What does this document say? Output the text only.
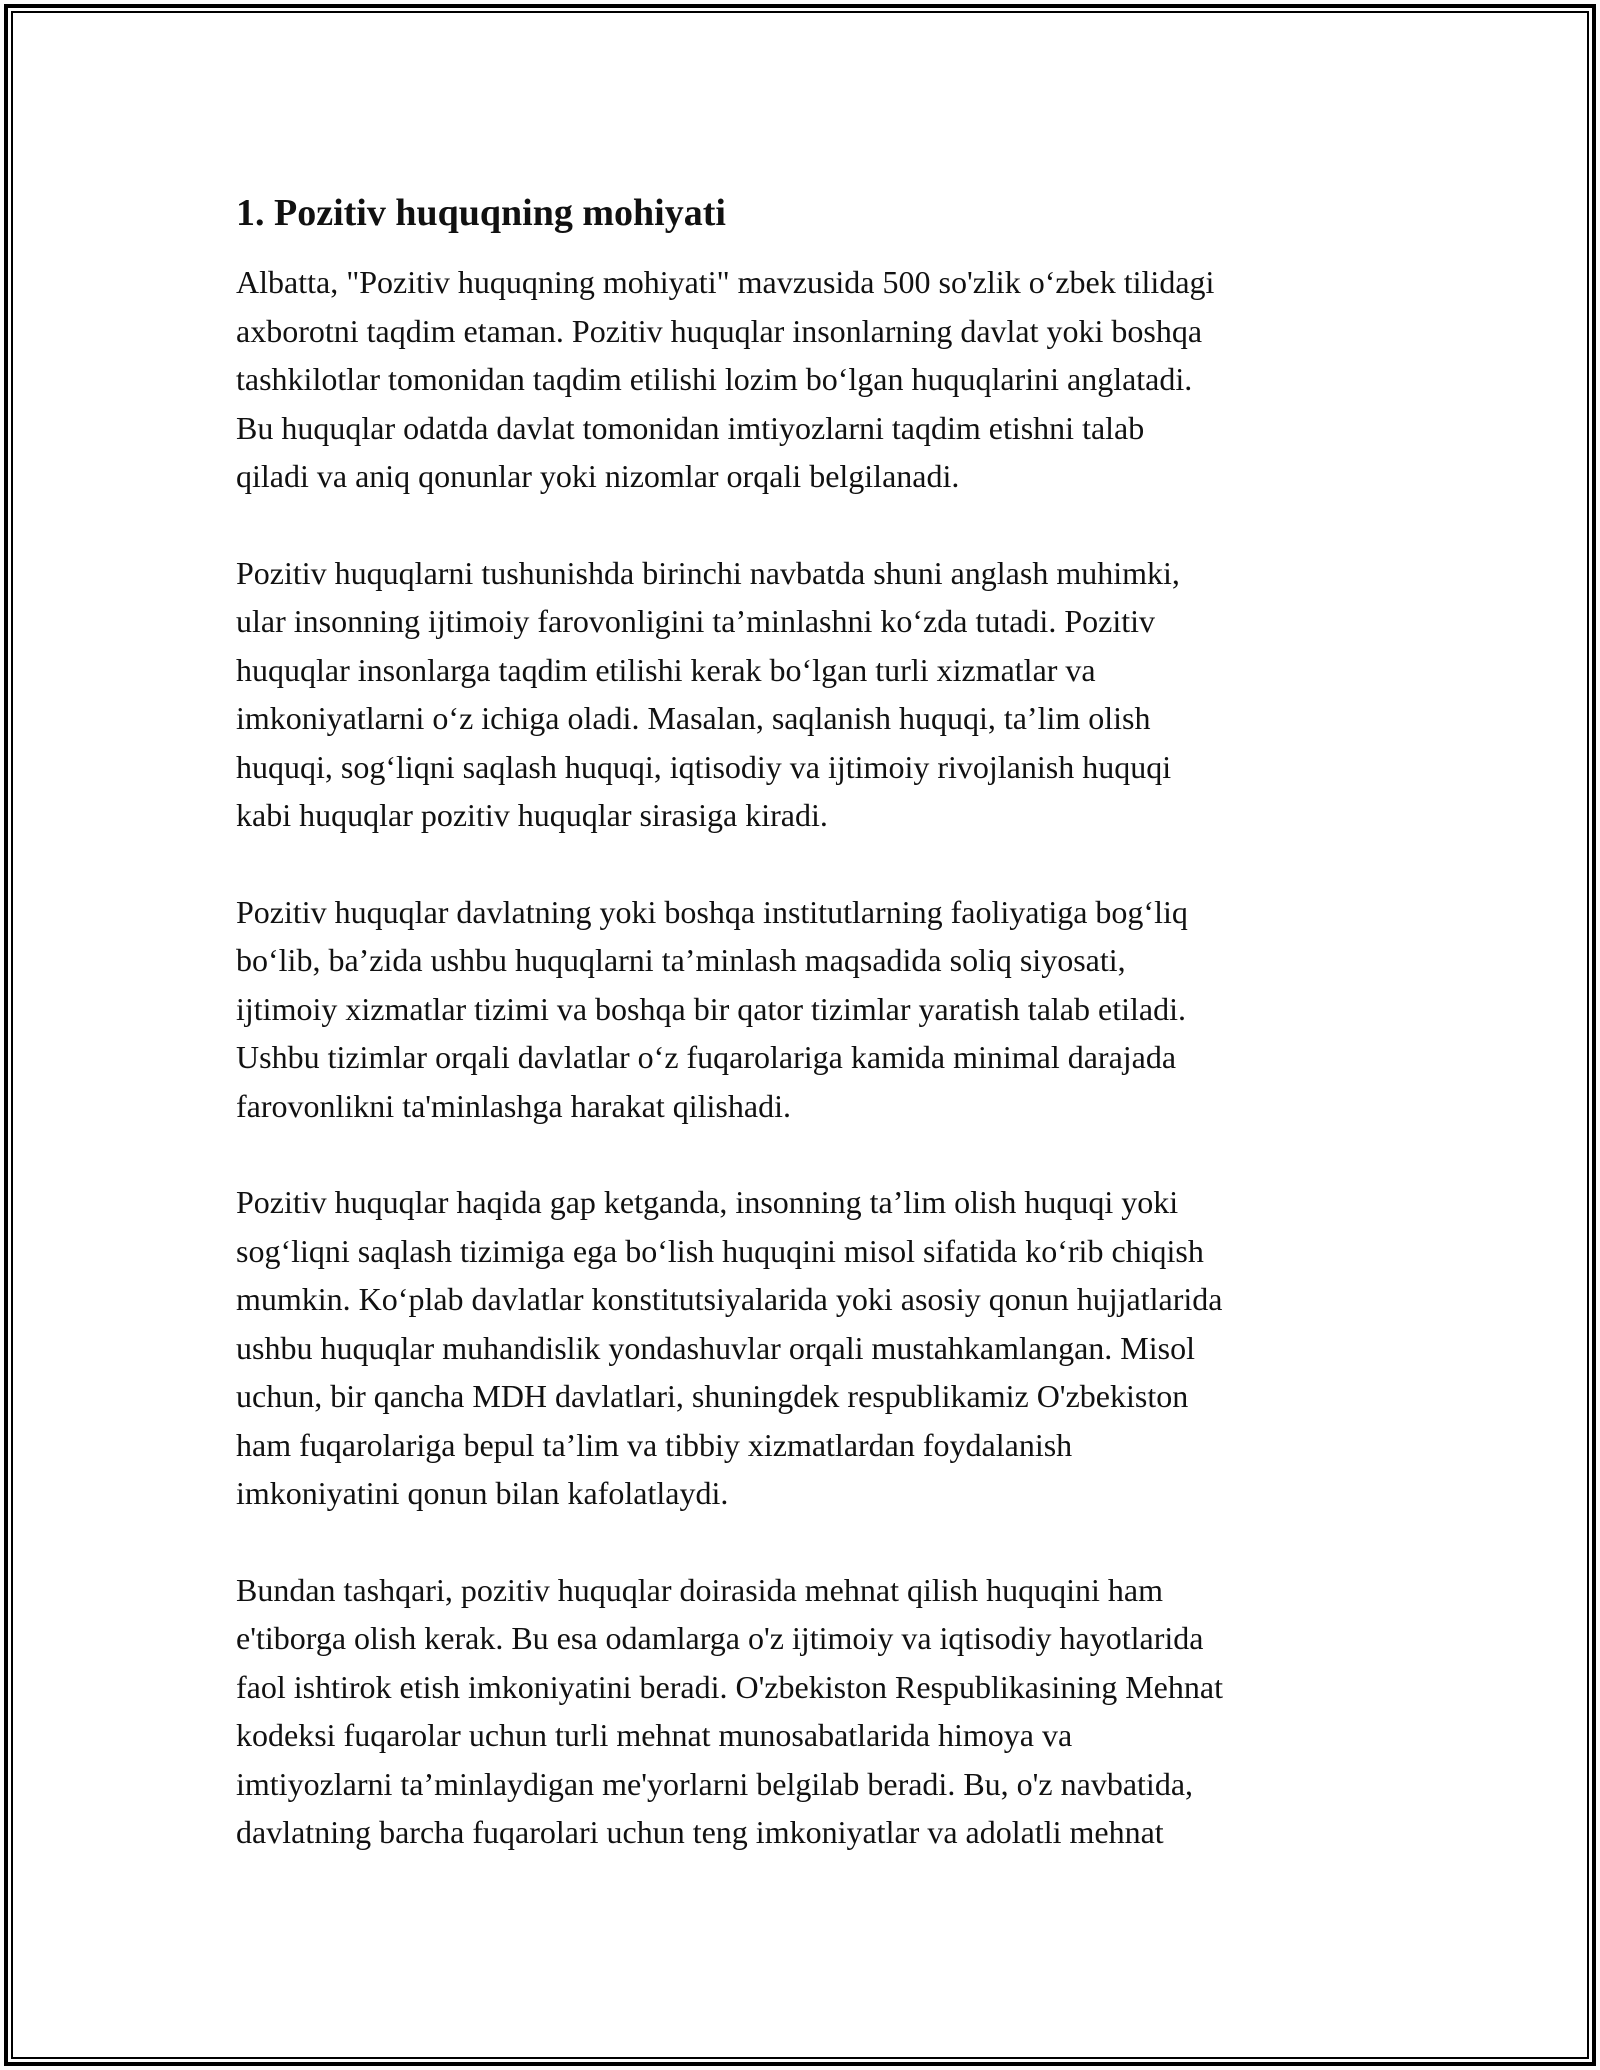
1. Pozitiv huquqning mohiyati

Albatta, "Pozitiv huquqning mohiyati" mavzusida 500 so'zlik o‘zbek tilidagi
axborotni taqdim etaman. Pozitiv huquqlar insonlarning davlat yoki boshqa
tashkilotlar tomonidan taqdim etilishi lozim bo‘lgan huquqlarini anglatadi.
Bu huquqlar odatda davlat tomonidan imtiyozlarni taqdim etishni talab
qiladi va aniq qonunlar yoki nizomlar orqali belgilanadi.

Pozitiv huquqlarni tushunishda birinchi navbatda shuni anglash muhimki,
ular insonning ijtimoiy farovonligini ta’minlashni ko‘zda tutadi. Pozitiv
huquqlar insonlarga taqdim etilishi kerak bo‘lgan turli xizmatlar va
imkoniyatlarni o‘z ichiga oladi. Masalan, saqlanish huquqi, ta’lim olish
huquqi, sog‘liqni saqlash huquqi, iqtisodiy va ijtimoiy rivojlanish huquqi
kabi huquqlar pozitiv huquqlar sirasiga kiradi.

Pozitiv huquqlar davlatning yoki boshqa institutlarning faoliyatiga bog‘liq
bo‘lib, ba’zida ushbu huquqlarni ta’minlash maqsadida soliq siyosati,
ijtimoiy xizmatlar tizimi va boshqa bir qator tizimlar yaratish talab etiladi.
Ushbu tizimlar orqali davlatlar o‘z fuqarolariga kamida minimal darajada
farovonlikni ta'minlashga harakat qilishadi.

Pozitiv huquqlar haqida gap ketganda, insonning ta’lim olish huquqi yoki
sog‘liqni saqlash tizimiga ega bo‘lish huquqini misol sifatida ko‘rib chiqish
mumkin. Ko‘plab davlatlar konstitutsiyalarida yoki asosiy qonun hujjatlarida
ushbu huquqlar muhandislik yondashuvlar orqali mustahkamlangan. Misol
uchun, bir qancha MDH davlatlari, shuningdek respublikamiz O'zbekiston
ham fuqarolariga bepul ta’lim va tibbiy xizmatlardan foydalanish
imkoniyatini qonun bilan kafolatlaydi.

Bundan tashqari, pozitiv huquqlar doirasida mehnat qilish huquqini ham
e'tiborga olish kerak. Bu esa odamlarga o'z ijtimoiy va iqtisodiy hayotlarida
faol ishtirok etish imkoniyatini beradi. O'zbekiston Respublikasining Mehnat
kodeksi fuqarolar uchun turli mehnat munosabatlarida himoya va
imtiyozlarni ta’minlaydigan me'yorlarni belgilab beradi. Bu, o'z navbatida,
davlatning barcha fuqarolari uchun teng imkoniyatlar va adolatli mehnat
